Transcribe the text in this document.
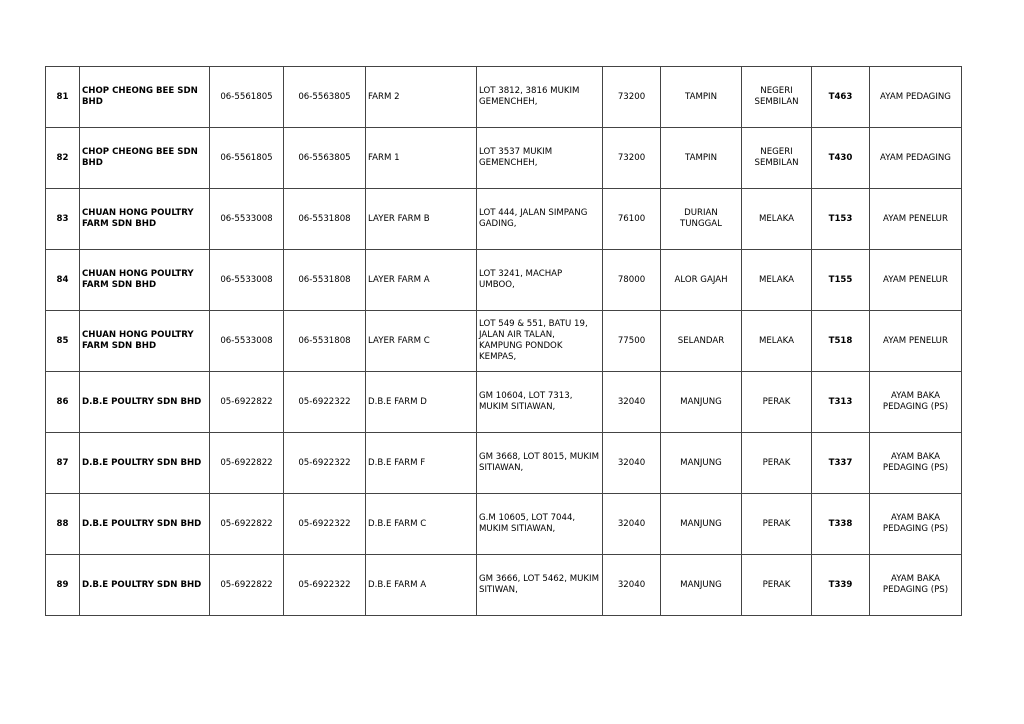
81	CHOP CHEONG BEE SDN BHD	06-5561805	06-5563805	FARM 2	LOT 3812, 3816 MUKIM GEMENCHEH,	73200	TAMPIN	NEGERI SEMBILAN	T463	AYAM PEDAGING
82	CHOP CHEONG BEE SDN BHD	06-5561805	06-5563805	FARM 1	LOT 3537 MUKIM GEMENCHEH,	73200	TAMPIN	NEGERI SEMBILAN	T430	AYAM PEDAGING
83	CHUAN HONG POULTRY FARM SDN BHD	06-5533008	06-5531808	LAYER FARM B	LOT 444, JALAN SIMPANG GADING,	76100	DURIAN TUNGGAL	MELAKA	T153	AYAM PENELUR
84	CHUAN HONG POULTRY FARM SDN BHD	06-5533008	06-5531808	LAYER FARM A	LOT 3241, MACHAP UMBOO,	78000	ALOR GAJAH	MELAKA	T155	AYAM PENELUR
85	CHUAN HONG POULTRY FARM SDN BHD	06-5533008	06-5531808	LAYER FARM C	LOT 549 & 551, BATU 19, JALAN AIR TALAN, KAMPUNG PONDOK KEMPAS,	77500	SELANDAR	MELAKA	T518	AYAM PENELUR
86	D.B.E POULTRY SDN BHD	05-6922822	05-6922322	D.B.E FARM D	GM 10604, LOT 7313, MUKIM SITIAWAN,	32040	MANJUNG	PERAK	T313	AYAM BAKA PEDAGING (PS)
87	D.B.E POULTRY SDN BHD	05-6922822	05-6922322	D.B.E FARM F	GM 3668, LOT 8015, MUKIM SITIAWAN,	32040	MANJUNG	PERAK	T337	AYAM BAKA PEDAGING (PS)
88	D.B.E POULTRY SDN BHD	05-6922822	05-6922322	D.B.E FARM C	G.M 10605, LOT 7044, MUKIM SITIAWAN,	32040	MANJUNG	PERAK	T338	AYAM BAKA PEDAGING (PS)
89	D.B.E POULTRY SDN BHD	05-6922822	05-6922322	D.B.E FARM A	GM 3666, LOT 5462, MUKIM SITIWAN,	32040	MANJUNG	PERAK	T339	AYAM BAKA PEDAGING (PS)
